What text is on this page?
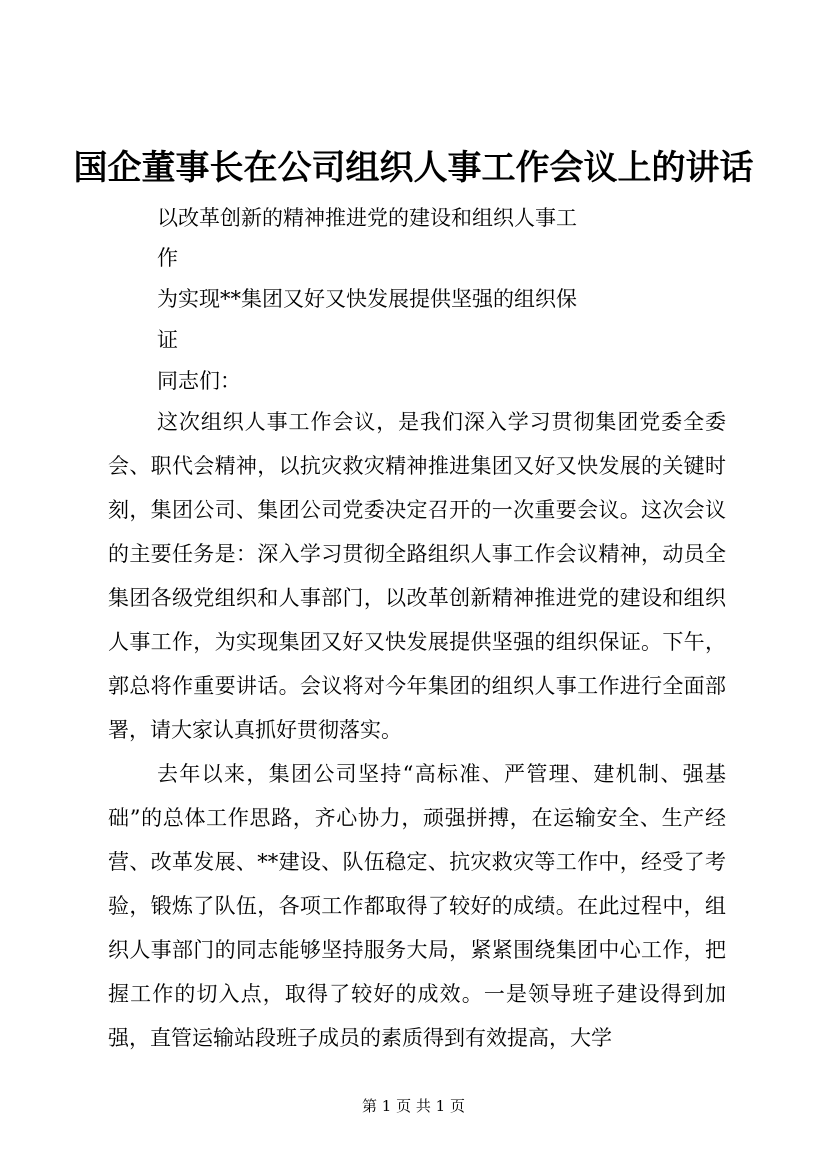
国企董事长在公司组织人事工作会议上的讲话

以改革创新的精神推进党的建设和组织人事工

作

为实现**集团又好又快发展提供坚强的组织保

证

同志们：

这次组织人事工作会议，是我们深入学习贯彻集团党委全委会、职代会精神，以抗灾救灾精神推进集团又好又快发展的关键时刻，集团公司、集团公司党委决定召开的一次重要会议。这次会议的主要任务是：深入学习贯彻全路组织人事工作会议精神，动员全集团各级党组织和人事部门，以改革创新精神推进党的建设和组织人事工作，为实现集团又好又快发展提供坚强的组织保证。下午，郭总将作重要讲话。会议将对今年集团的组织人事工作进行全面部署，请大家认真抓好贯彻落实。

去年以来，集团公司坚持“高标准、严管理、建机制、强基础”的总体工作思路，齐心协力，顽强拼搏，在运输安全、生产经营、改革发展、**建设、队伍稳定、抗灾救灾等工作中，经受了考验，锻炼了队伍，各项工作都取得了较好的成绩。在此过程中，组织人事部门的同志能够坚持服务大局，紧紧围绕集团中心工作，把握工作的切入点，取得了较好的成效。一是领导班子建设得到加强，直管运输站段班子成员的素质得到有效提高，大学

第 1 页 共 1 页
